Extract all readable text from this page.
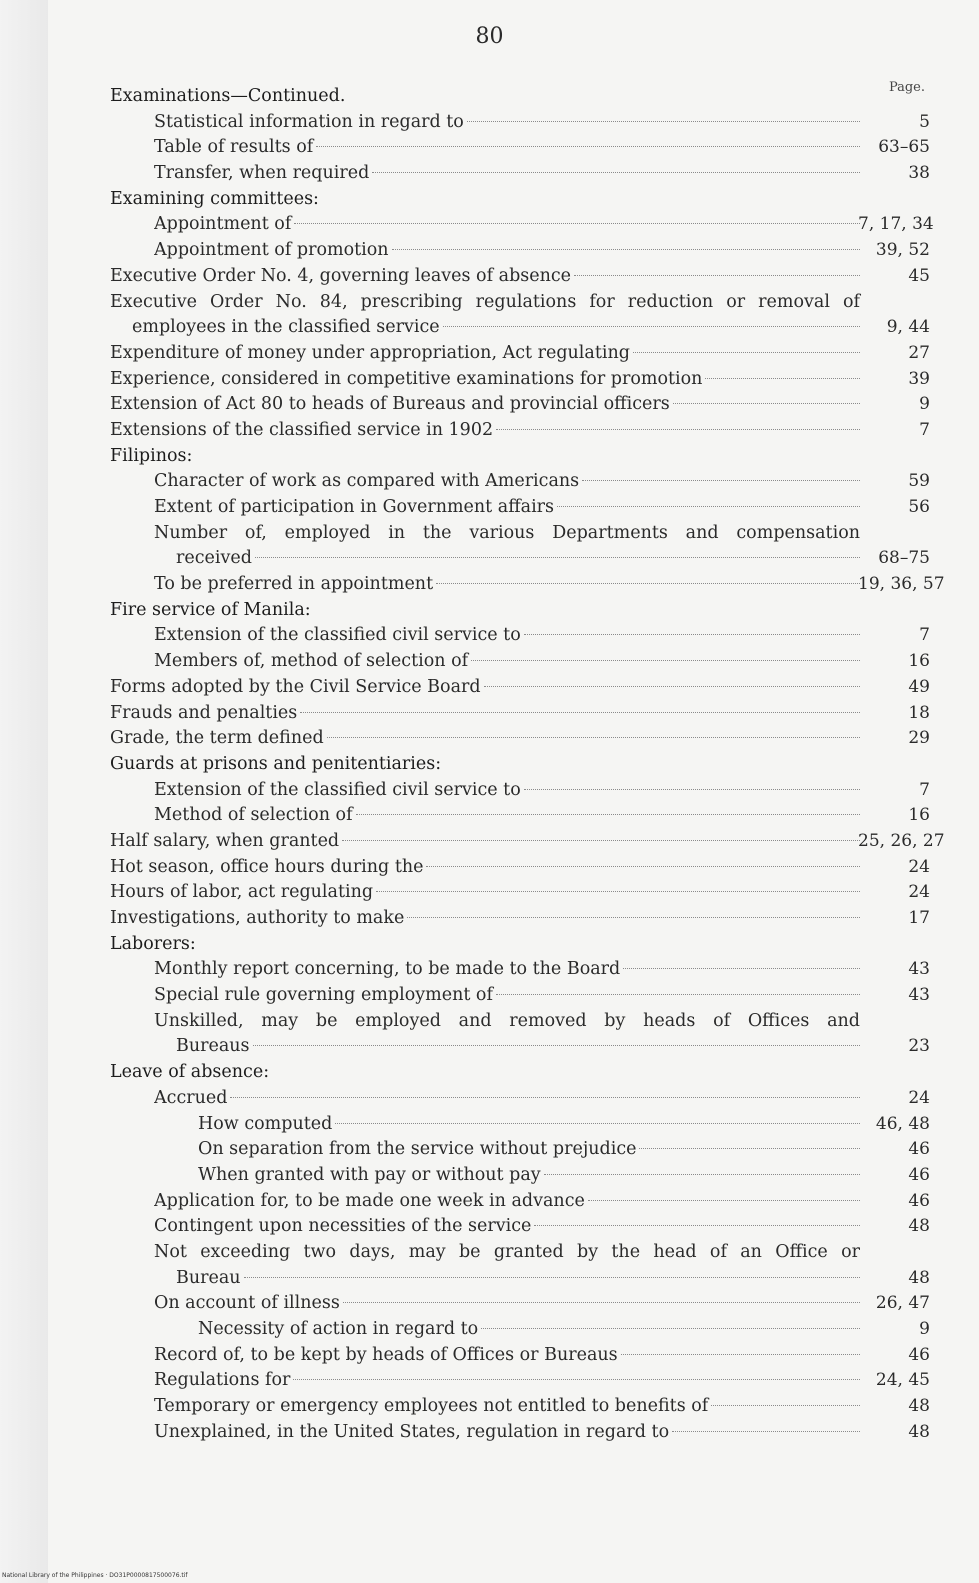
80
Page.
Examinations—Continued.
Statistical information in regard to	5
Table of results of	63–65
Transfer, when required	38
Examining committees:
Appointment of	7, 17, 34
Appointment of promotion	39, 52
Executive Order No. 4, governing leaves of absence	45
Executive Order No. 84, prescribing regulations for reduction or removal of
employees in the classified service	9, 44
Expenditure of money under appropriation, Act regulating	27
Experience, considered in competitive examinations for promotion	39
Extension of Act 80 to heads of Bureaus and provincial officers	9
Extensions of the classified service in 1902	7
Filipinos:
Character of work as compared with Americans	59
Extent of participation in Government affairs	56
Number of, employed in the various Departments and compensation
received	68–75
To be preferred in appointment	19, 36, 57
Fire service of Manila:
Extension of the classified civil service to	7
Members of, method of selection of	16
Forms adopted by the Civil Service Board	49
Frauds and penalties	18
Grade, the term defined	29
Guards at prisons and penitentiaries:
Extension of the classified civil service to	7
Method of selection of	16
Half salary, when granted	25, 26, 27
Hot season, office hours during the	24
Hours of labor, act regulating	24
Investigations, authority to make	17
Laborers:
Monthly report concerning, to be made to the Board	43
Special rule governing employment of	43
Unskilled, may be employed and removed by heads of Offices and
Bureaus	23
Leave of absence:
Accrued	24
How computed	46, 48
On separation from the service without prejudice	46
When granted with pay or without pay	46
Application for, to be made one week in advance	46
Contingent upon necessities of the service	48
Not exceeding two days, may be granted by the head of an Office or
Bureau	48
On account of illness	26, 47
Necessity of action in regard to	9
Record of, to be kept by heads of Offices or Bureaus	46
Regulations for	24, 45
Temporary or emergency employees not entitled to benefits of	48
Unexplained, in the United States, regulation in regard to	48
National Library of the Philippines · DO31P0000817500076.tif
